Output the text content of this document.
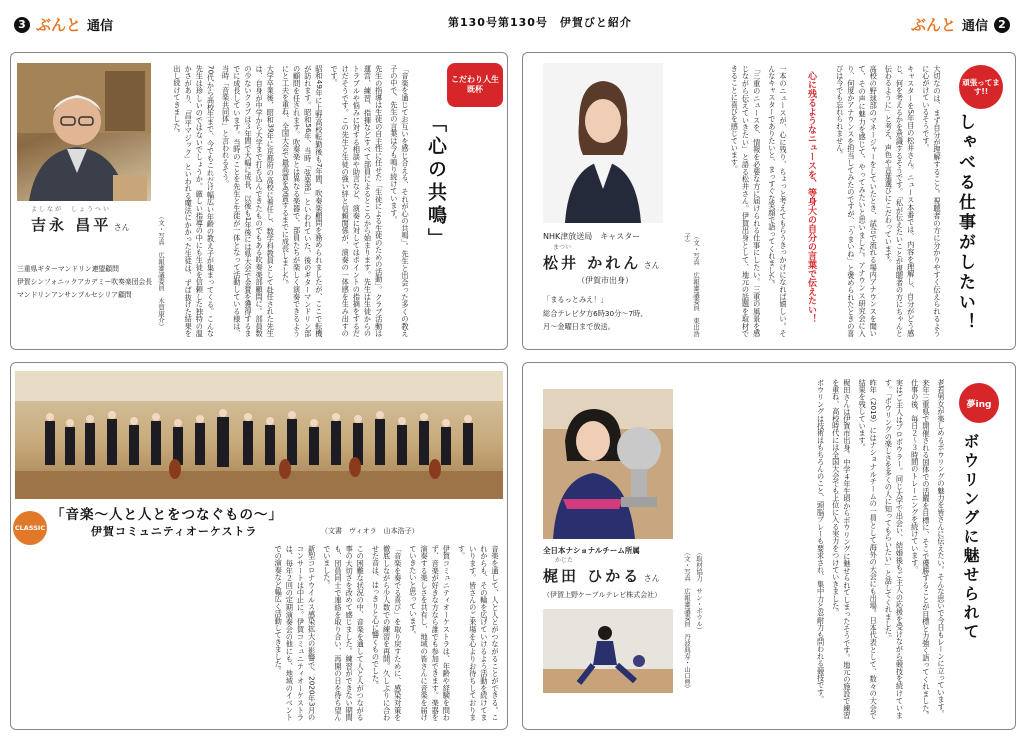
3 ぶんと 通信	第130号第130号　伊賀びと紹介	ぶんと 通信 2
よしなが　しょうへい
吉永 昌平 さん
三重県ギターマンドリン連盟顧問
伊賀シンフォニックアカデミー吹奏楽団会長
マンドリンアンサンブルセシリア顧問	（文・写真　広報審議委員　木賀康介）	「音楽を通じてお互いを感じ合える、それが心の共鳴」。先生と出会った多くの教え子の中で、先生の言葉は今も鳴り続けています。

先生の指導は生徒の自主性に任せた「生徒による生徒のための活動」。クラブ活動は運営、練習、指揮などすべて部員によるところから始まります。先生は生徒からのトラブルや悩みに対する相談や助言など、演奏に対してはポイントの指摘をするだけだそうです。この先生と生徒の強い絆と信頼関係が、演奏の一体感を生み出すのです。

昭和49年に上野高校転勤後も7年間、吹奏楽顧問を務められましたが、ここで転機が訪れます。昭和56年、当時「弦楽部」といわれていた、後のギターマンドリン部の顧問を任されます。吹奏楽とは異なる楽器で、部員たちが楽しく演奏できるようにと工夫を重ね、全国大会で最高賞を受賞するまでに成長しました。

大学卒業後、昭和39年に京都府の高校に着任し、数学科教員として赴任された先生は、自身が中学から大学まで打ち込んできたものでもある吹奏楽部顧問に。部員数の少ないクラブは３年間で大幅に成長、以後も1年後には県大会で金賞を獲得するまでに成長しています。当時のことを先生と生徒が一体となって活動している様は、当時「音楽共同体」と言われるそう。

70代から高校生まで、今でもこれだけ幅広い年齢の教え子が集まってくる。こんな先生は珍しいのではないでしょうか。厳しい指導の中にも生徒を信頼した独特の温かさがあり、「昌平マジック」といわれる魔法にかかった生徒は、ずば抜けた結果を出し続けてきました。

「心の共鳴」
こだわり人生既杯
NHK津放送局　キャスター
まつい
松井 かれん さん
（伊賀市出身）
「まるっとみえ！」
総合テレビ夕方6時30分〜7時、
月〜金曜日まで放送。	（文・写真　広報審議委員　東出浩子）	一本のニュースが、心に残り、ちょっと考えてもらうきっかけになれば嬉しい。そんなキャスターでありたいと、まっすぐな笑顔で語ってくれました。

「三重のニュースを、情報を必要な方に届けられる仕事にしたい。三重の風景を感じながら伝えていきたい」と語る松井さん。伊賀出身として、地元の話題を取材できることに喜びを感じています。	心に残るようなニュースを、等身大の自分の言葉で伝えたい！	大切なのは、まず自分が理解すること。視聴者の方に分かりやすく伝えられるように心がけているそうです。

キャスターを5年目の松井さん。ニュース本番では、内容を理解し、自分がどう感じ、何を考えるかを意識するそうです。「私が伝えたいことが視聴者の方にちゃんと伝わるように」と考え、声色や言葉選びにこだわっています。

高校の野球部のマネージャーをしていたとき、試合で流れる場内アナウンスを聞いて、その声に魅力を感じて、やってみたいと思いました。アナウンス研究会に入り、何度かアナウンスを担当してみたのですが、「うまいね」と褒められたときの喜びは今でも忘れられません。

しゃべる仕事がしたい！
頑張ってます!!
「音楽〜人と人とをつなぐもの〜」
伊賀コミュニティオーケストラ	（文書　ヴィオラ　山本浩子）
CLASSIC

音楽を通して、人と人とがつながることができる。これからも、その輪を広げていけるよう活動を続けてまいります。皆さんのご来場を心よりお待ちしております。

伊賀コミュニティオーケストラは、年齢や経験を問わず、音楽が好きな方なら誰でも参加できます。楽器を演奏する楽しさを共有し、地域の皆さんに音楽を届けていきたいと思っています。

「音楽を奏でる喜び」を取り戻すために、感染対策を徹底しながら少人数での練習を再開。久しぶりに合わせた音は、はっきりと心に響くものでした。

この困難な状況の中、音楽を通して人と人がつながる事の大切さを改めて感じました。練習ができない期間も、団員同士で連絡を取り合い、再開の日を待ち望んでいました。

新型コロナウイルス感染拡大の影響で、2020年3月のコンサートは中止に。伊賀コミュニティオーケストラは、毎年２回の定期演奏会の他にも、地域のイベントでの演奏など幅広く活動してきました。	全日本ナショナルチーム所属
かじた
梶田 ひかる さん
（伊賀上野ケーブルテレビ株式会社）	（文・写真　広報審議委員　丹波典寿・山口豊） （取材協力　サン・ボウル）	老若男女が楽しめるボウリングの魅力を皆さんに伝えたい。そんな思いで今日もレーンに立っています。

来年三重県で開催される国体での活躍を目標に、そこで優勝することが目標と力強く語ってくれました。仕事の後、毎日２〜３時間のトレーニングを続けています。

実はご主人はプロボウラー。同じ大学で出会い、結婚後もご主人の応援を受けながら競技を続けています。「ボウリングの楽しさを多くの人に知ってもらいたい」と話してくれました。

昨年（2019）にはナショナルチームの一員として海外の大会にも出場。日本代表として、数々の大会で結果を残しています。

梶田さんは伊賀市出身。中学４年生頃からボウリングに魅せられてしまったそうです。地元の施設で練習を重ね、高校時代には全国大会でも上位に入る実力をつけていきました。

ボウリングは技術はもちろんのこと、頭脳プレーも要求され、集中力と忍耐力も問われる競技です。	ボウリングに魅せられて
夢ing
